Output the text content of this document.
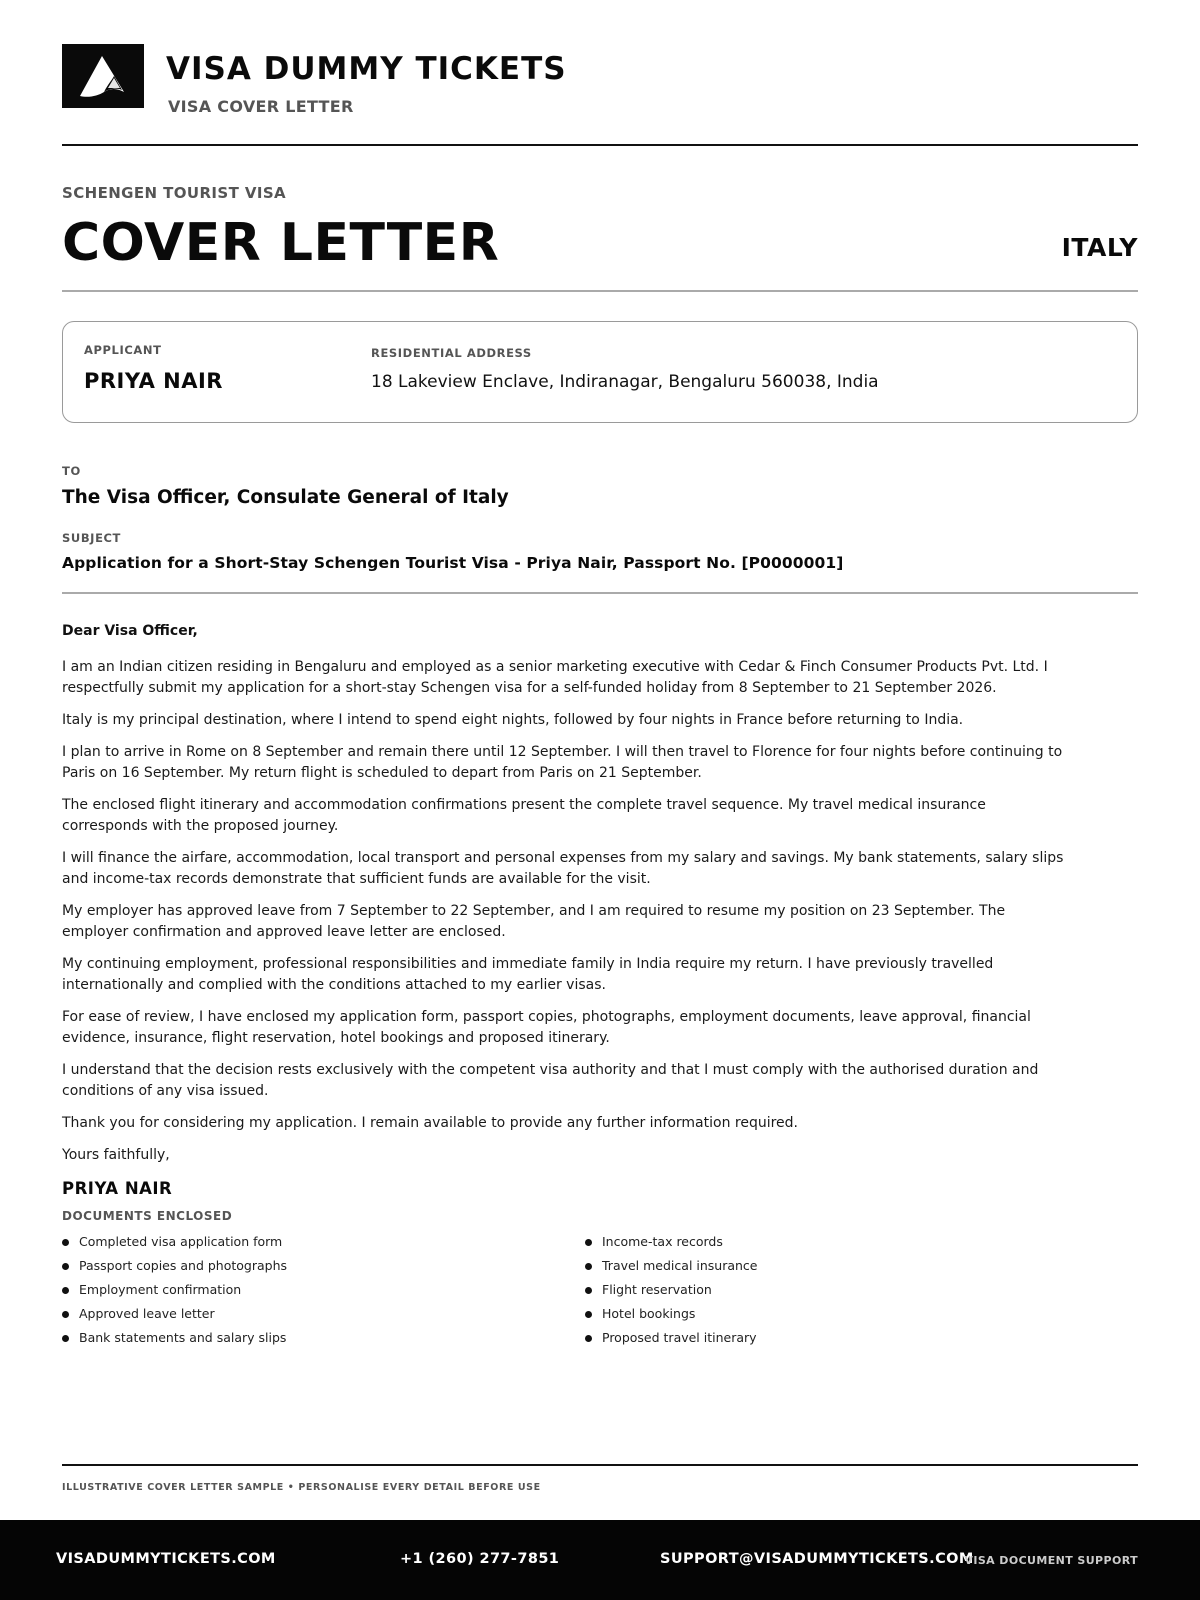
VISA DUMMY TICKETS
VISA COVER LETTER
SCHENGEN TOURIST VISA
COVER LETTER	ITALY
APPLICANT
PRIYA NAIR
RESIDENTIAL ADDRESS
18 Lakeview Enclave, Indiranagar, Bengaluru 560038, India
TO
The Visa Officer, Consulate General of Italy
SUBJECT
Application for a Short-Stay Schengen Tourist Visa - Priya Nair, Passport No. [P0000001]
Dear Visa Officer,

I am an Indian citizen residing in Bengaluru and employed as a senior marketing executive with Cedar & Finch Consumer Products Pvt. Ltd. I respectfully submit my application for a short-stay Schengen visa for a self-funded holiday from 8 September to 21 September 2026.

Italy is my principal destination, where I intend to spend eight nights, followed by four nights in France before returning to India.

I plan to arrive in Rome on 8 September and remain there until 12 September. I will then travel to Florence for four nights before continuing to Paris on 16 September. My return flight is scheduled to depart from Paris on 21 September.

The enclosed flight itinerary and accommodation confirmations present the complete travel sequence. My travel medical insurance corresponds with the proposed journey.

I will finance the airfare, accommodation, local transport and personal expenses from my salary and savings. My bank statements, salary slips and income-tax records demonstrate that sufficient funds are available for the visit.

My employer has approved leave from 7 September to 22 September, and I am required to resume my position on 23 September. The employer confirmation and approved leave letter are enclosed.

My continuing employment, professional responsibilities and immediate family in India require my return. I have previously travelled internationally and complied with the conditions attached to my earlier visas.

For ease of review, I have enclosed my application form, passport copies, photographs, employment documents, leave approval, financial evidence, insurance, flight reservation, hotel bookings and proposed itinerary.

I understand that the decision rests exclusively with the competent visa authority and that I must comply with the authorised duration and conditions of any visa issued.

Thank you for considering my application. I remain available to provide any further information required.

Yours faithfully,

PRIYA NAIR
DOCUMENTS ENCLOSED
Completed visa application form
Passport copies and photographs
Employment confirmation
Approved leave letter
Bank statements and salary slips
Income-tax records
Travel medical insurance
Flight reservation
Hotel bookings
Proposed travel itinerary
ILLUSTRATIVE COVER LETTER SAMPLE • PERSONALISE EVERY DETAIL BEFORE USE
VISADUMMYTICKETS.COM	+1 (260) 277-7851	SUPPORT@VISADUMMYTICKETS.COM
VISA DOCUMENT SUPPORT
